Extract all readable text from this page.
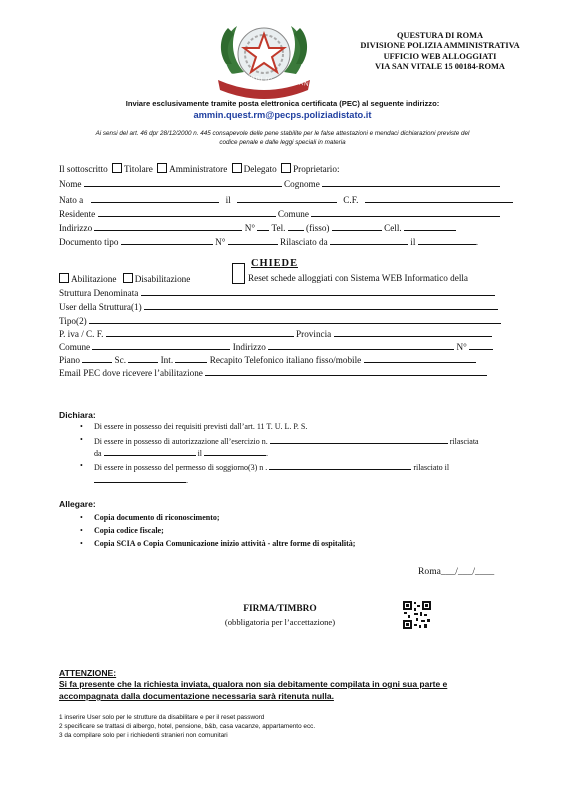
REPUBBLICA ITALIANA
QUESTURA DI ROMA
DIVISIONE POLIZIA AMMINISTRATIVA
UFFICIO WEB ALLOGGIATI
VIA SAN VITALE 15 00184-ROMA
Inviare esclusivamente tramite posta elettronica certificata (PEC) al seguente indirizzo:
ammin.quest.rm@pecps.poliziadistato.it
Ai sensi del art. 46 dpr 28/12/2000 n. 445 consapevole delle pene stabilite per le false attestazioni e mendaci dichiarazioni previste del
codice penale e dalle leggi speciali in materia
Il sottoscritto Titolare Amministratore Delegato Proprietario:
Nome	Cognome
Nato a	il	C.F.
Residente	Comune
Indirizzo	N° Tel. (fisso)	Cell.
Documento tipo	N°	Rilasciato da	il	.
CHIEDE
Abilitazione Disabilitazione	Reset schede alloggiati con Sistema WEB Informatico della
Struttura Denominata
User della Struttura(1)
Tipo(2)
P. iva / C. F.	Provincia
Comune	Indirizzo	N°
Piano	Sc.	Int.	Recapito Telefonico italiano fisso/mobile
Email PEC dove ricevere l’abilitazione
Dichiara:
• Di essere in possesso dei requisiti previsti dall’art. 11 T. U. L. P. S.
• Di essere in possesso di autorizzazione all’esercizio n.	rilasciata
da	il	.
• Di essere in possesso del permesso di soggiorno(3) n .	rilasciato il
.
Allegare:
• Copia documento di riconoscimento;
• Copia codice fiscale;
• Copia SCIA o Copia Comunicazione inizio attività - altre forme di ospitalità;
Roma___/___/____
FIRMA/TIMBRO
(obbligatoria per l’accettazione)
ATTENZIONE:
Si fa presente che la richiesta inviata, qualora non sia debitamente compilata in ogni sua parte e
accompagnata dalla documentazione necessaria sarà ritenuta nulla.
1 inserire User solo per le strutture da disabilitare e per il reset password
2 specificare se trattasi di albergo, hotel, pensione, b&b, casa vacanze, appartamento ecc.
3 da compilare solo per i richiedenti stranieri non comunitari
